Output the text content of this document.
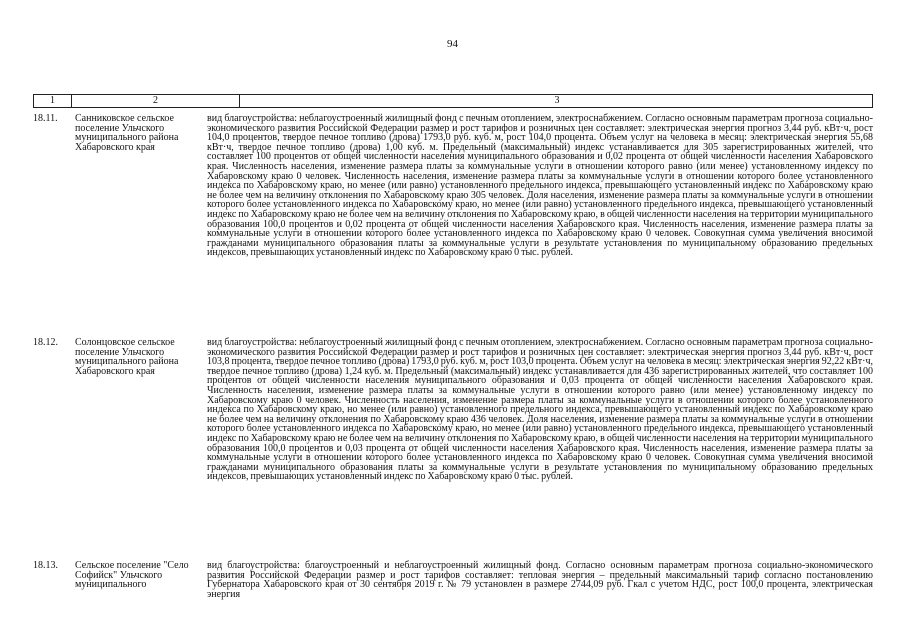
94
1	2	3
18.11.	Санниковское сельское поселение Ульчского муниципального района Хабаровского края
вид благоустройства: неблагоустроенный жилищный фонд с печным отоплением, электроснабжением. Согласно основным параметрам прогноза социально-экономического развития Российской Федерации размер и рост тарифов и розничных цен составляет: электрическая энергия прогноз 3,44 руб. кВт·ч, рост 104,0 процентов, твердое печное топливо (дрова) 1793,0 руб. куб. м, рост 104,0 процента. Объем услуг на человека в месяц: электрическая энергия 55,68 кВт·ч, твердое печное топливо (дрова) 1,00 куб. м. Предельный (максимальный) индекс устанавливается для 305 зарегистрированных жителей, что составляет 100 процентов от общей численности населения муниципального образования и 0,02 процента от общей численности населения Хабаровского края. Численность населения, изменение размера платы за коммунальные услуги в отношении которого равно (или менее) установленному индексу по Хабаровскому краю 0 человек. Численность населения, изменение размера платы за коммунальные услуги в отношении которого более установленного индекса по Хабаровскому краю, но менее (или равно) установленного предельного индекса, превышающего установленный индекс по Хабаровскому краю не более чем на величину отклонения по Хабаровскому краю 305 человек. Доля населения, изменение размера платы за коммунальные услуги в отношении которого более установленного индекса по Хабаровскому краю, но менее (или равно) установленного предельного индекса, превышающего установленный индекс по Хабаровскому краю не более чем на величину отклонения по Хабаровскому краю, в общей численности населения на территории муниципального образования 100,0 процентов и 0,02 процента от общей численности населения Хабаровского края. Численность населения, изменение размера платы за коммунальные услуги в отношении которого более установленного индекса по Хабаровскому краю 0 человек. Совокупная сумма увеличения вносимой гражданами муниципального образования платы за коммунальные услуги в результате установления по муниципальному образованию предельных индексов, превышающих установленный индекс по Хабаровскому краю 0 тыс. рублей.
18.12.	Солонцовское сельское поселение Ульчского муниципального района Хабаровского края
вид благоустройства: неблагоустроенный жилищный фонд с печным отоплением, электроснабжением. Согласно основным параметрам прогноза социально-экономического развития Российской Федерации размер и рост тарифов и розничных цен составляет: электрическая энергия прогноз 3,44 руб. кВт·ч, рост 103,8 процента, твердое печное топливо (дрова) 1793,0 руб. куб. м, рост 103,0 процента. Объем услуг на человека в месяц: электрическая энергия 92,22 кВт·ч, твердое печное топливо (дрова) 1,24 куб. м. Предельный (максимальный) индекс устанавливается для 436 зарегистрированных жителей, что составляет 100 процентов от общей численности населения муниципального образования и 0,03 процента от общей численности населения Хабаровского края. Численность населения, изменение размера платы за коммунальные услуги в отношении которого равно (или менее) установленному индексу по Хабаровскому краю 0 человек. Численность населения, изменение размера платы за коммунальные услуги в отношении которого более установленного индекса по Хабаровскому краю, но менее (или равно) установленного предельного индекса, превышающего установленный индекс по Хабаровскому краю не более чем на величину отклонения по Хабаровскому краю 436 человек. Доля населения, изменение размера платы за коммунальные услуги в отношении которого более установленного индекса по Хабаровскому краю, но менее (или равно) установленного предельного индекса, превышающего установленный индекс по Хабаровскому краю не более чем на величину отклонения по Хабаровскому краю, в общей численности населения на территории муниципального образования 100,0 процентов и 0,03 процента от общей численности населения Хабаровского края. Численность населения, изменение размера платы за коммунальные услуги в отношении которого более установленного индекса по Хабаровскому краю 0 человек. Совокупная сумма увеличения вносимой гражданами муниципального образования платы за коммунальные услуги в результате установления по муниципальному образованию предельных индексов, превышающих установленный индекс по Хабаровскому краю 0 тыс. рублей.
18.13.	Сельское поселение "Село Софийск" Ульчского муниципального
вид благоустройства: благоустроенный и неблагоустроенный жилищный фонд. Согласно основным параметрам прогноза социально-экономического развития Российской Федерации размер и рост тарифов составляет: тепловая энергия – предельный максимальный тариф согласно постановлению Губернатора Хабаровского края от 30 сентября 2019 г. № 79 установлен в размере 2744,09 руб. Гкал с учетом НДС, рост 100,0 процента, электрическая энергия
